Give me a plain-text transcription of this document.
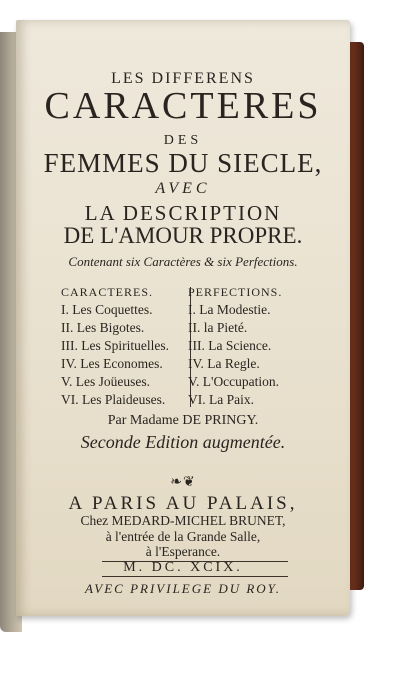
LES DIFFERENS
CARACTERES
DES
FEMMES DU SIECLE,
AVEC
LA DESCRIPTION
DE L'AMOUR PROPRE.
Contenant six Caractères & six Perfections.
CARACTERES.
I. Les Coquettes.
II. Les Bigotes.
III. Les Spirituelles.
IV. Les Economes.
V. Les Joüeuses.
VI. Les Plaideuses.
PERFECTIONS.
I. La Modestie.
II. la Pieté.
III. La Science.
IV. La Regle.
V. L'Occupation.
VI. La Paix.
Par Madame DE PRINGY.
Seconde Edition augmentée.
❧❦
A PARIS AU PALAIS,
Chez MEDARD-MICHEL BRUNET,
à l'entrée de la Grande Salle,
à l'Esperance.
M. DC. XCIX.
AVEC PRIVILEGE DU ROY.
